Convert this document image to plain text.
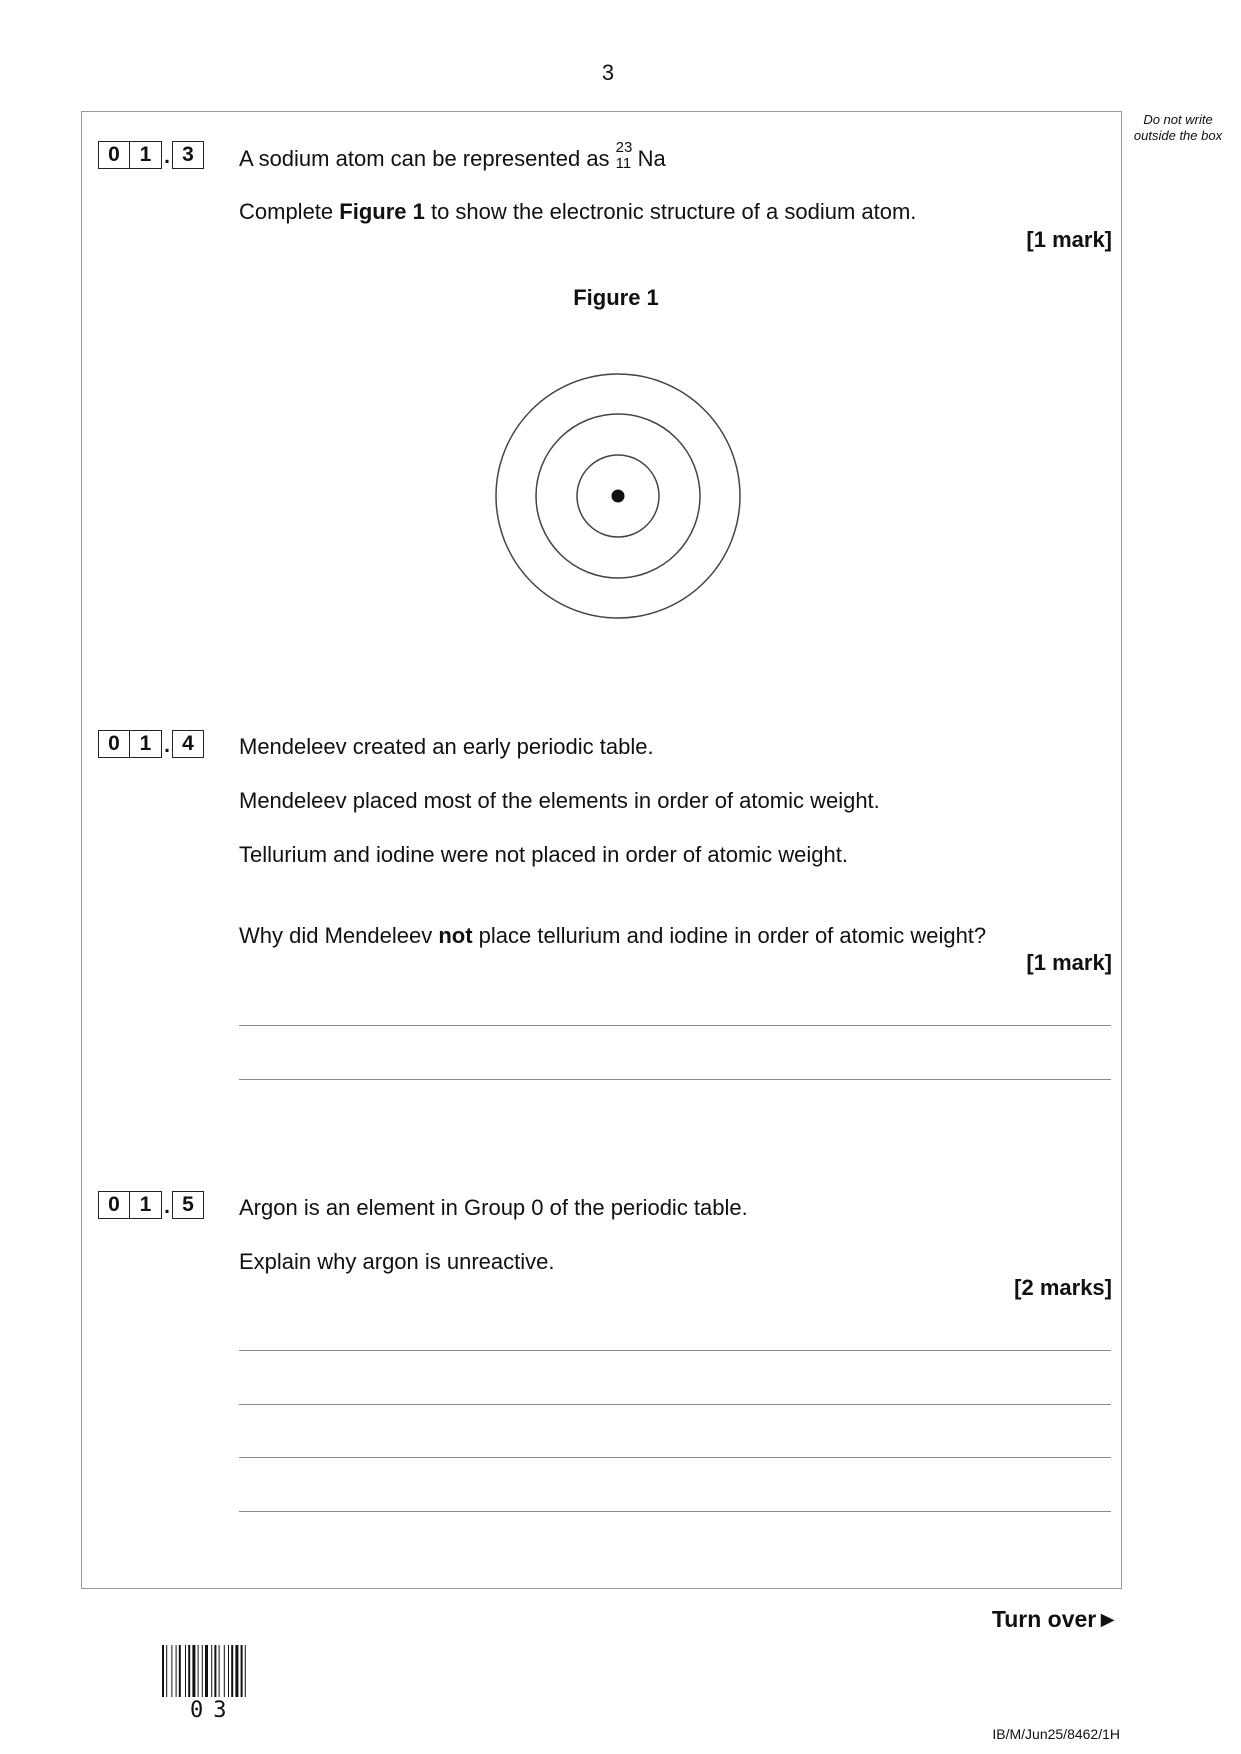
3
Do not write outside the box
0 1 . 3	A sodium atom can be represented as 23
11 Na
Complete Figure 1 to show the electronic structure of a sodium atom.
[1 mark]
Figure 1
0 1 . 4	Mendeleev created an early periodic table.
Mendeleev placed most of the elements in order of atomic weight.
Tellurium and iodine were not placed in order of atomic weight.
Why did Mendeleev not place tellurium and iodine in order of atomic weight?
[1 mark]
0 1 . 5	Argon is an element in Group 0 of the periodic table.
Explain why argon is unreactive.
[2 marks]
Turn over►
03
IB/M/Jun25/8462/1H
